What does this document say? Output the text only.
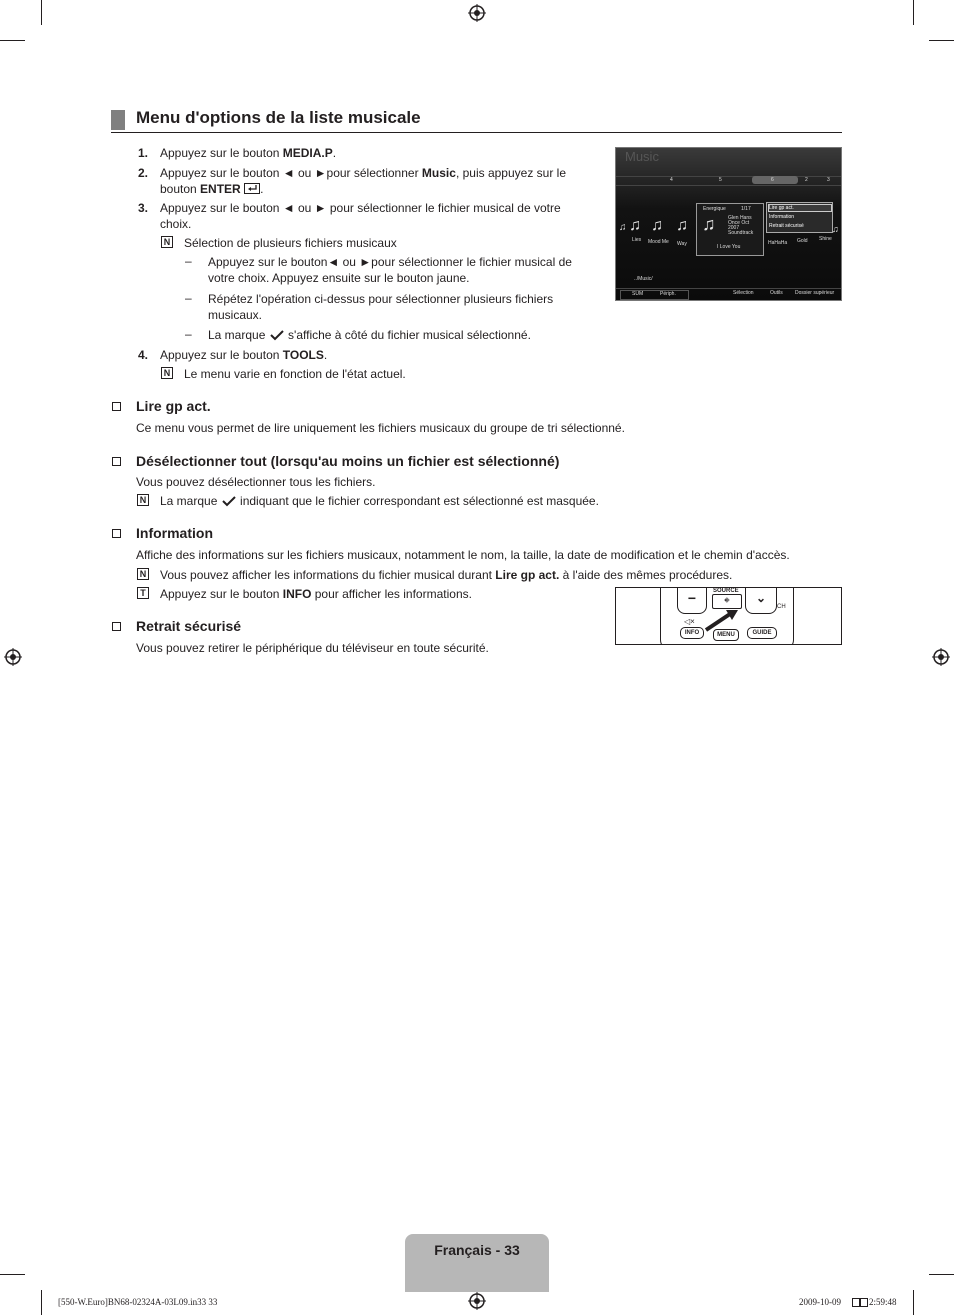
Menu d'options de la liste musicale
1. Appuyez sur le bouton MEDIA.P.
2. Appuyez sur le bouton ◄ ou ►pour sélectionner Music, puis appuyez sur le
bouton ENTER .
3. Appuyez sur le bouton ◄ ou ► pour sélectionner le fichier musical de votre
choix.
N Sélection de plusieurs fichiers musicaux
– Appuyez sur le bouton◄ ou ►pour sélectionner le fichier musical de
votre choix. Appuyez ensuite sur le bouton jaune.
– Répétez l'opération ci-dessus pour sélectionner plusieurs fichiers
musicaux.
– La marque  s'affiche à côté du fichier musical sélectionné.
4. Appuyez sur le bouton TOOLS.
N Le menu varie en fonction de l'état actuel.
Music
4	5	6	2	3
♫ ♫ ♫ ♫
Lies Mood Me Way
Energique	1/17
♫	Glen Hans
Once Oct
2007
Soundtrack
I Love You
Lire gp act.
Information
Retrait sécurisé	♫
HaHaHa Gold Shine
../Music/
SUM	Périph.	Sélection	Outils Dossier supérieur
Lire gp act.
Ce menu vous permet de lire uniquement les fichiers musicaux du groupe de tri sélectionné.
Désélectionner tout (lorsqu'au moins un fichier est sélectionné)
Vous pouvez désélectionner tous les fichiers.
N La marque  indiquant que le fichier correspondant est sélectionné est masquée.
Information
Affiche des informations sur les fichiers musicaux, notamment le nom, la taille, la date de modification et le chemin d'accès.
N Vous pouvez afficher les informations du fichier musical durant Lire gp act. à l'aide des mêmes procédures.
T Appuyez sur le bouton INFO pour afficher les informations.
Retrait sécurisé
Vous pouvez retirer le périphérique du téléviseur en toute sécurité.
−	⎆
SOURCE	⌄
◁×
CH
INFO	MENU	GUIDE
Français - 33
[550-W.Euro]BN68-02324A-03L09.in33 33	2009-10-09	2:59:48
